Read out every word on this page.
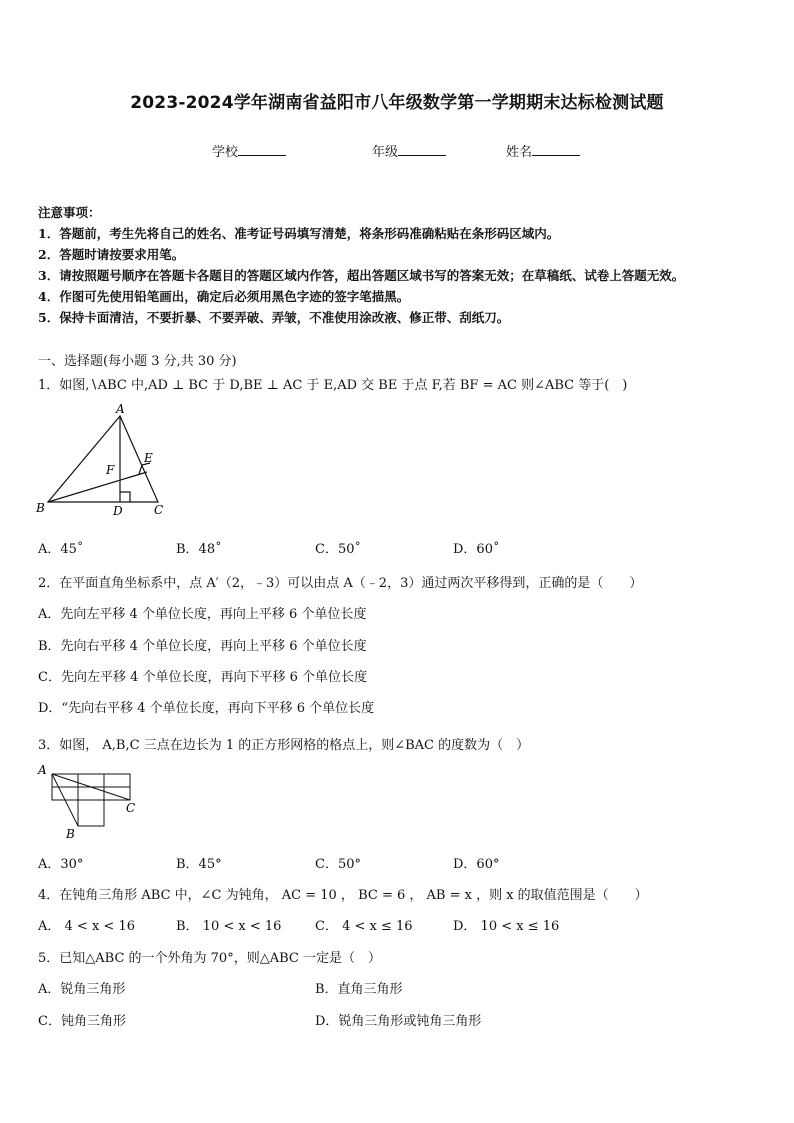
2023-2024学年湖南省益阳市八年级数学第一学期期末达标检测试题
学校	年级	姓名
注意事项：
1．答题前，考生先将自己的姓名、准考证号码填写清楚，将条形码准确粘贴在条形码区域内。
2．答题时请按要求用笔。
3．请按照题号顺序在答题卡各题目的答题区域内作答，超出答题区域书写的答案无效；在草稿纸、试卷上答题无效。
4．作图可先使用铅笔画出，确定后必须用黑色字迹的签字笔描黑。
5．保持卡面清洁，不要折暴、不要弄破、弄皱，不准使用涂改液、修正带、刮纸刀。
一、选择题(每小题 3 分,共 30 分)
1．如图,∖ABC 中,AD ⊥ BC 于 D,BE ⊥ AC 于 E,AD 交 BE 于点 F,若 BF = AC 则∠ABC 等于(　)
A
B	C
D
E
F
A．45˚	B．48˚	C．50˚	D．60˚
2．在平面直角坐标系中，点 A′（2，﹣3）可以由点 A（﹣2，3）通过两次平移得到，正确的是（　　）
A．先向左平移 4 个单位长度，再向上平移 6 个单位长度
B．先向右平移 4 个单位长度，再向上平移 6 个单位长度
C．先向左平移 4 个单位长度，再向下平移 6 个单位长度
D．“先向右平移 4 个单位长度，再向下平移 6 个单位长度
3．如图， A,B,C 三点在边长为 1 的正方形网格的格点上，则∠BAC 的度数为（　）
A
B
C
A．30°	B．45°	C．50°	D．60°
4．在钝角三角形 ABC 中，∠C 为钝角， AC = 10 ， BC = 6 ， AB = x ，则 x 的取值范围是（　　）
A． 4 < x < 16	B． 10 < x < 16	C． 4 < x ≤ 16	D． 10 < x ≤ 16
5．已知△ABC 的一个外角为 70°，则△ABC 一定是（　）
A．锐角三角形	B．直角三角形
C．钝角三角形	D．锐角三角形或钝角三角形
